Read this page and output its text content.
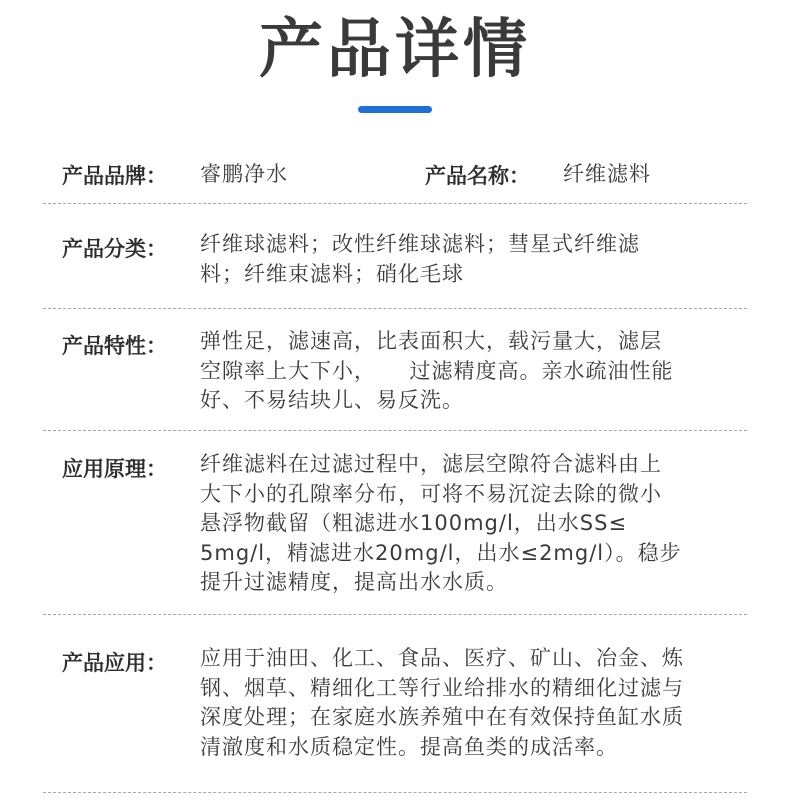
产品详情
产品品牌： 睿鹏净水	产品名称： 纤维滤料
产品分类： 纤维球滤料；改性纤维球滤料；彗星式纤维滤
料；纤维束滤料；硝化毛球
产品特性： 弹性足，滤速高，比表面积大，载污量大，滤层
空隙率上大下小，　　过滤精度高。亲水疏油性能
好、不易结块儿、易反洗。
应用原理： 纤维滤料在过滤过程中，滤层空隙符合滤料由上
大下小的孔隙率分布，可将不易沉淀去除的微小
悬浮物截留（粗滤进水100mg/l，出水SS≤
5mg/l，精滤进水20mg/l，出水≤2mg/l）。稳步
提升过滤精度，提高出水水质。
产品应用： 应用于油田、化工、食品、医疗、矿山、冶金、炼
钢、烟草、精细化工等行业给排水的精细化过滤与
深度处理；在家庭水族养殖中在有效保持鱼缸水质
清澈度和水质稳定性。提高鱼类的成活率。
